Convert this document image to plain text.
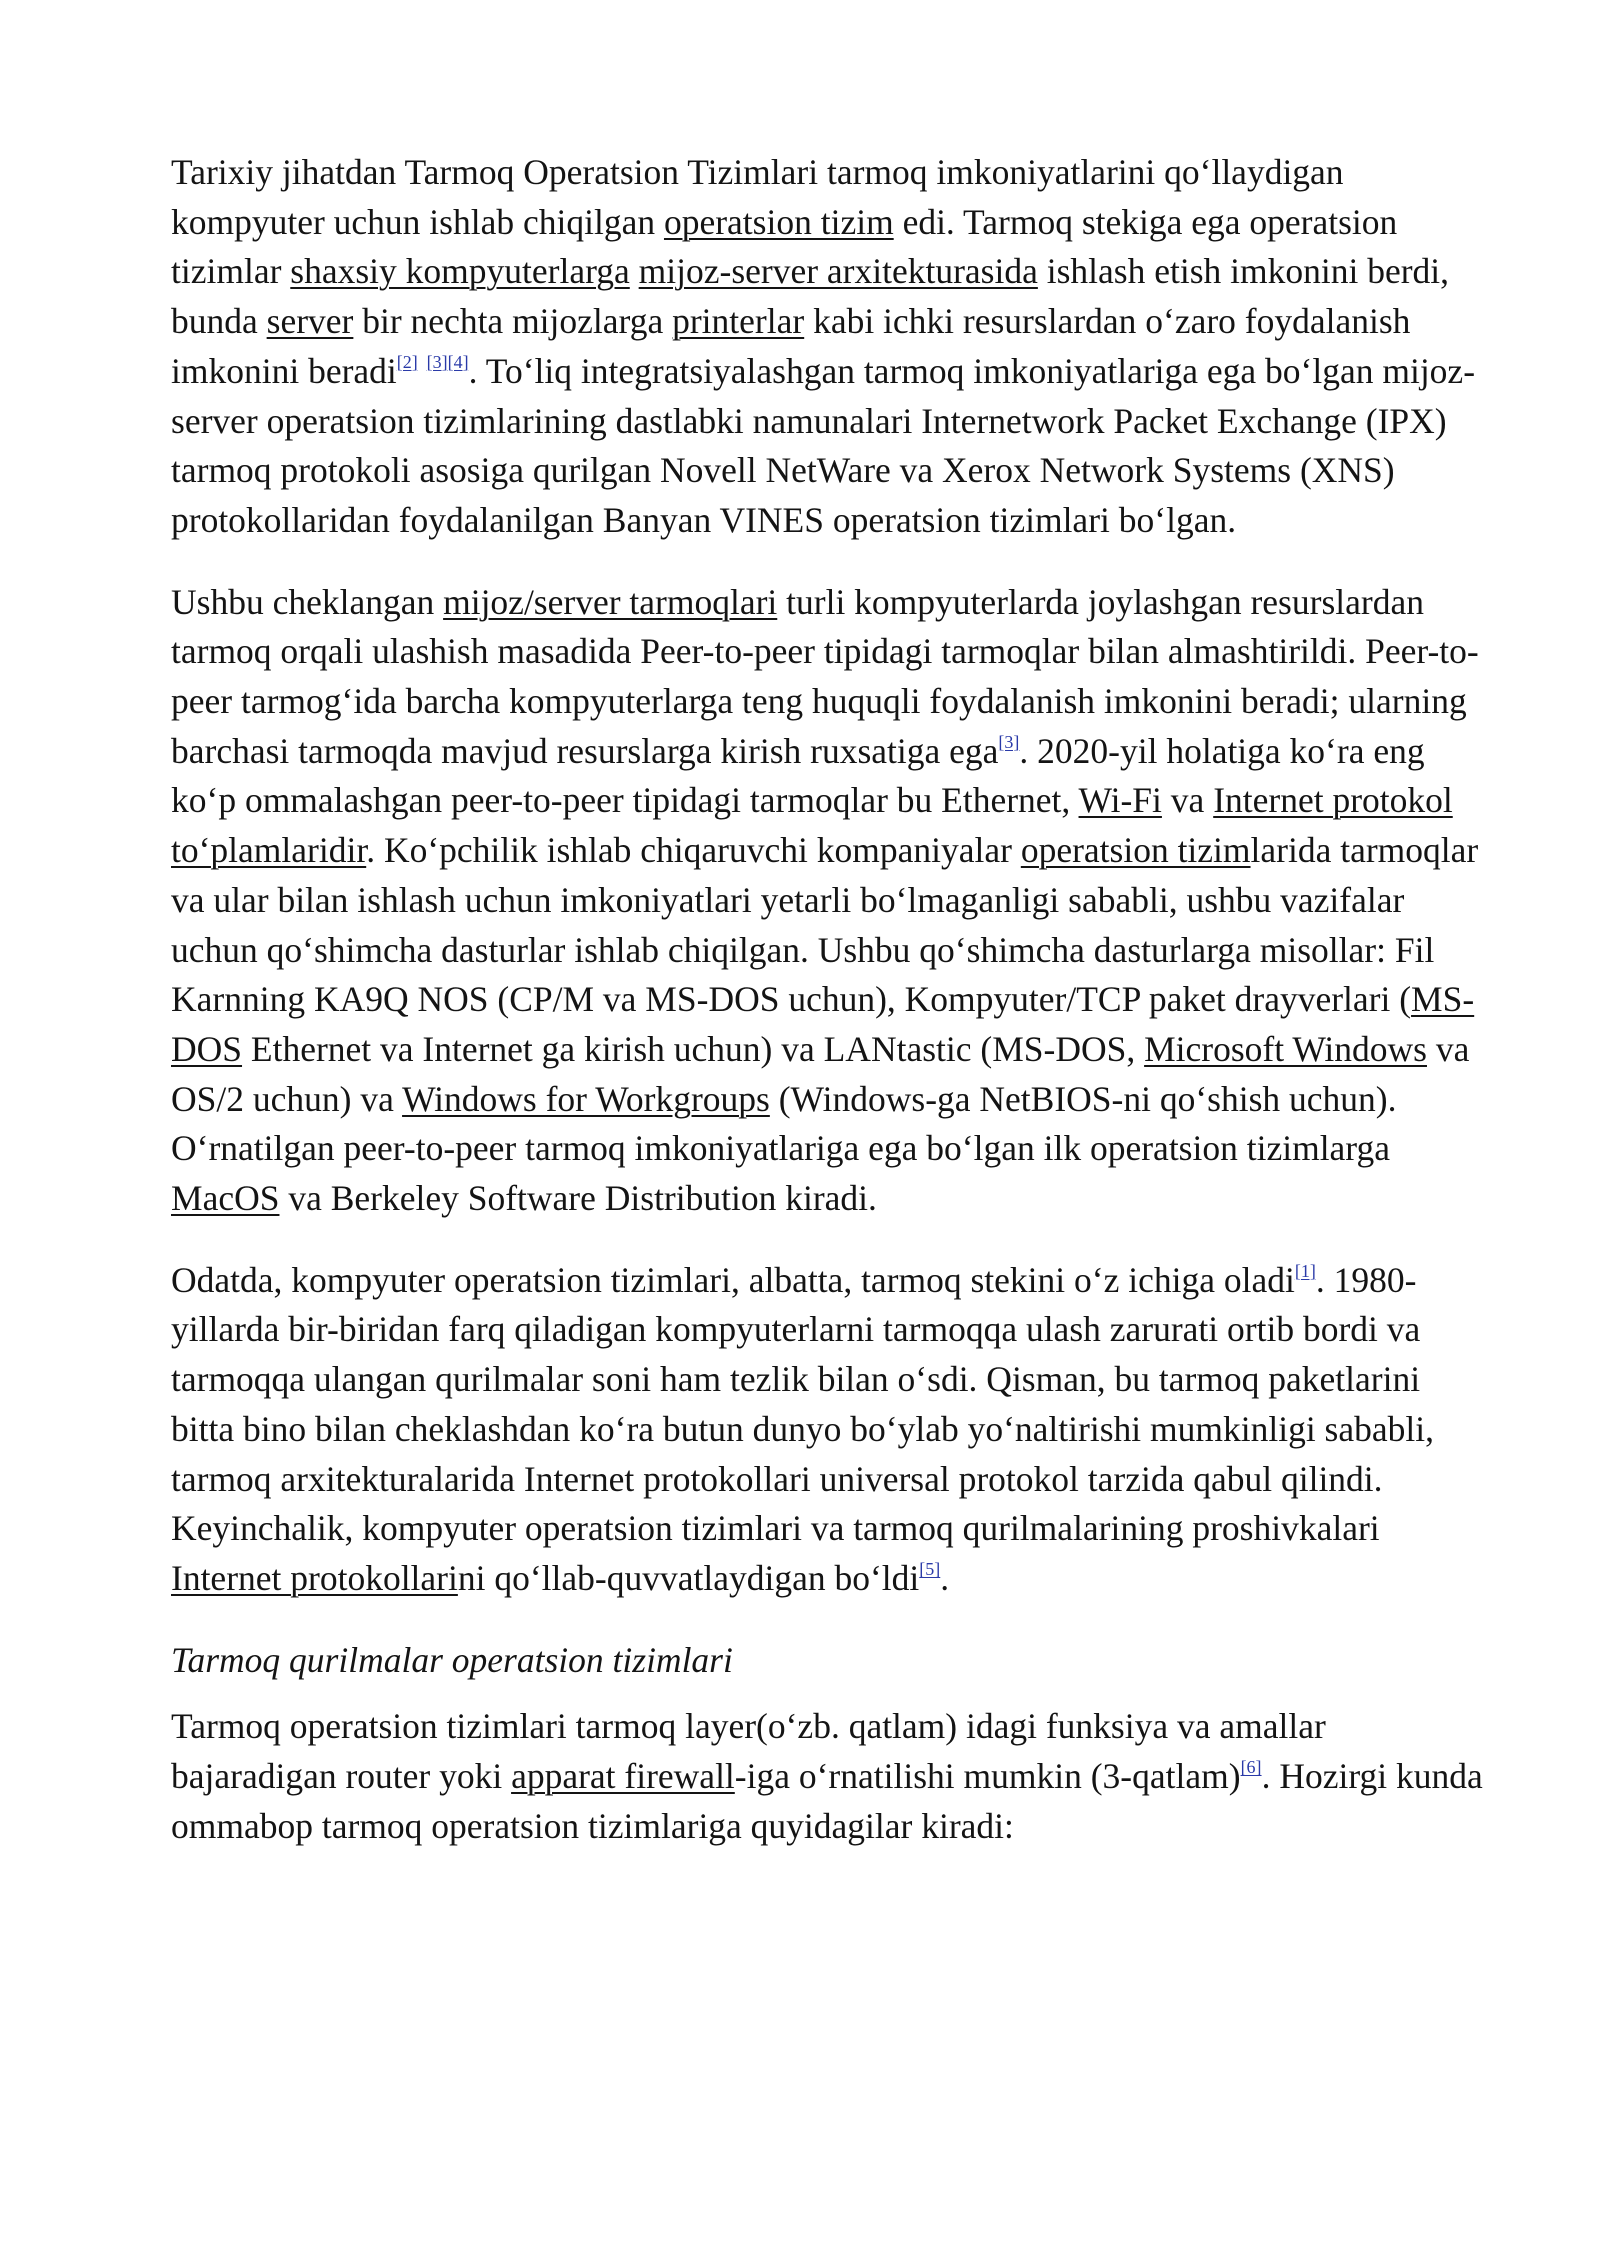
Tarixiy jihatdan Tarmoq Operatsion Tizimlari tarmoq imkoniyatlarini qo‘llaydigan kompyuter uchun ishlab chiqilgan operatsion tizim edi. Tarmoq stekiga ega operatsion tizimlar shaxsiy kompyuterlarga mijoz-server arxitekturasida ishlash etish imkonini berdi, bunda server bir nechta mijozlarga printerlar kabi ichki resurslardan o‘zaro foydalanish imkonini beradi[2] [3][4]. To‘liq integratsiyalashgan tarmoq imkoniyatlariga ega bo‘lgan mijoz-server operatsion tizimlarining dastlabki namunalari Internetwork Packet Exchange (IPX) tarmoq protokoli asosiga qurilgan Novell NetWare va Xerox Network Systems (XNS) protokollaridan foydalanilgan Banyan VINES operatsion tizimlari bo‘lgan.

Ushbu cheklangan mijoz/server tarmoqlari turli kompyuterlarda joylashgan resurslardan tarmoq orqali ulashish masadida Peer-to-peer tipidagi tarmoqlar bilan almashtirildi. Peer-to-peer tarmog‘ida barcha kompyuterlarga teng huquqli foydalanish imkonini beradi; ularning barchasi tarmoqda mavjud resurslarga kirish ruxsatiga ega[3]. 2020-yil holatiga ko‘ra eng ko‘p ommalashgan peer-to-peer tipidagi tarmoqlar bu Ethernet, Wi-Fi va Internet protokol to‘plamlaridir. Ko‘pchilik ishlab chiqaruvchi kompaniyalar operatsion tizimlarida tarmoqlar va ular bilan ishlash uchun imkoniyatlari yetarli bo‘lmaganligi sababli, ushbu vazifalar uchun qo‘shimcha dasturlar ishlab chiqilgan. Ushbu qo‘shimcha dasturlarga misollar: Fil Karnning KA9Q NOS (CP/M va MS-DOS uchun), Kompyuter/TCP paket drayverlari (MS-DOS Ethernet va Internet ga kirish uchun) va LANtastic (MS-DOS, Microsoft Windows va OS/2 uchun) va Windows for Workgroups (Windows-ga NetBIOS-ni qo‘shish uchun). O‘rnatilgan peer-to-peer tarmoq imkoniyatlariga ega bo‘lgan ilk operatsion tizimlarga MacOS va Berkeley Software Distribution kiradi.

Odatda, kompyuter operatsion tizimlari, albatta, tarmoq stekini o‘z ichiga oladi[1]. 1980-yillarda bir-biridan farq qiladigan kompyuterlarni tarmoqqa ulash zarurati ortib bordi va tarmoqqa ulangan qurilmalar soni ham tezlik bilan o‘sdi. Qisman, bu tarmoq paketlarini bitta bino bilan cheklashdan ko‘ra butun dunyo bo‘ylab yo‘naltirishi mumkinligi sababli, tarmoq arxitekturalarida Internet protokollari universal protokol tarzida qabul qilindi. Keyinchalik, kompyuter operatsion tizimlari va tarmoq qurilmalarining proshivkalari Internet protokollarini qo‘llab-quvvatlaydigan bo‘ldi[5].

Tarmoq qurilmalar operatsion tizimlari

Tarmoq operatsion tizimlari tarmoq layer(o‘zb. qatlam) idagi funksiya va amallar bajaradigan router yoki apparat firewall-iga o‘rnatilishi mumkin (3-qatlam)[6]. Hozirgi kunda ommabop tarmoq operatsion tizimlariga quyidagilar kiradi:
